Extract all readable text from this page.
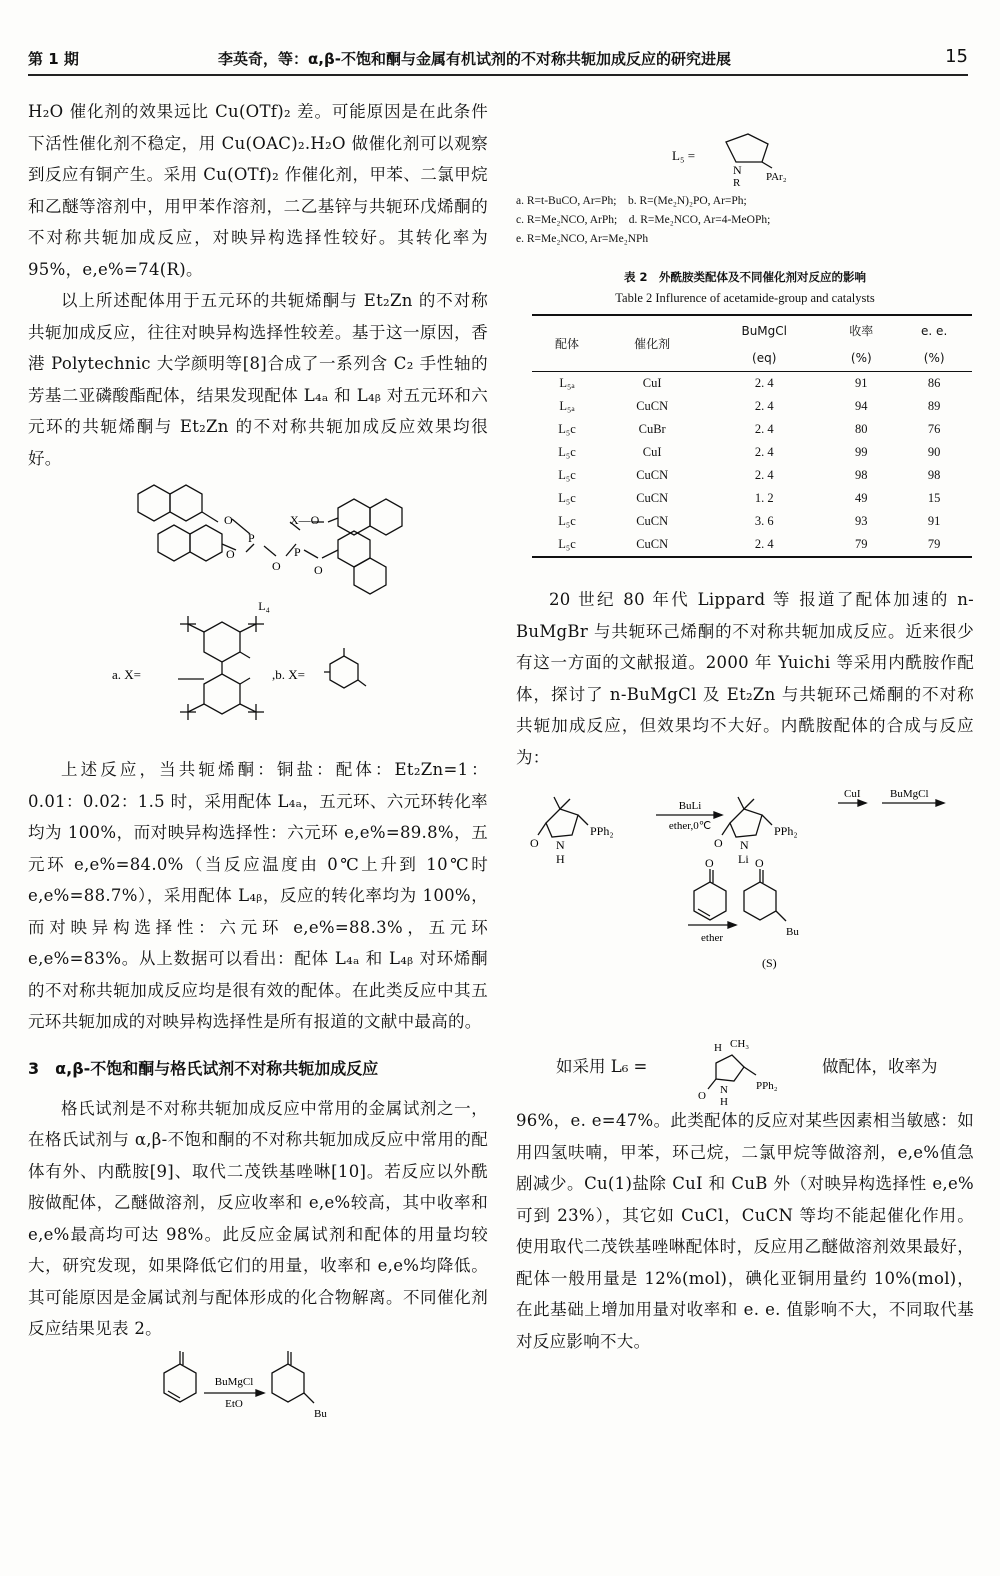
第 1 期	李英奇，等：α,β-不饱和酮与金属有机试剂的不对称共轭加成反应的研究进展	15

H₂O 催化剂的效果远比 Cu(OTf)₂ 差。可能原因是在此条件下活性催化剂不稳定，用 Cu(OAC)₂.H₂O 做催化剂可以观察到反应有铜产生。采用 Cu(OTf)₂ 作催化剂，甲苯、二氯甲烷和乙醚等溶剂中，用甲苯作溶剂，二乙基锌与共轭环戊烯酮的不对称共轭加成反应，对映异构选择性较好。其转化率为 95%，e,e%=74(R)。

以上所述配体用于五元环的共轭烯酮与 Et₂Zn 的不对称共轭加成反应，往往对映异构选择性较差。基于这一原因，香港 Polytechnic 大学颜明等[8]合成了一系列含 C₂ 手性轴的芳基二亚磷酸酯配体，结果发现配体 L₄ₐ 和 L₄ᵦ 对五元环和六元环的共轭烯酮与 Et₂Zn 的不对称共轭加成反应效果均很好。

O
O
P
O
X—O
P
O
L₄
a. X=	,b. X=

上述反应，当共轭烯酮：铜盐：配体：Et₂Zn=1：0.01：0.02：1.5 时，采用配体 L₄ₐ，五元环、六元环转化率均为 100%，而对映异构选择性：六元环 e,e%=89.8%，五元环 e,e%=84.0%（当反应温度由 0℃上升到 10℃时 e,e%=88.7%），采用配体 L₄ᵦ，反应的转化率均为 100%，而对映异构选择性：六元环 e,e%=88.3%，五元环 e,e%=83%。从上数据可以看出：配体 L₄ₐ 和 L₄ᵦ 对环烯酮的不对称共轭加成反应均是很有效的配体。在此类反应中其五元环共轭加成的对映异构选择性是所有报道的文献中最高的。

3　α,β-不饱和酮与格氏试剂不对称共轭加成反应

格氏试剂是不对称共轭加成反应中常用的金属试剂之一，在格氏试剂与 α,β-不饱和酮的不对称共轭加成反应中常用的配体有外、内酰胺[9]、取代二茂铁基唑啉[10]。若反应以外酰胺做配体，乙醚做溶剂，反应收率和 e,e%较高，其中收率和 e,e%最高均可达 98%。此反应金属试剂和配体的用量均较大，研究发现，如果降低它们的用量，收率和 e,e%均降低。其可能原因是金属试剂与配体形成的化合物解离。不同催化剂反应结果见表 2。

BuMgCl
EtO
Bu
L₅ =
N
R PAr₂
a. R=t-BuCO, Ar=Ph;　b. R=(Me₂N)₂PO, Ar=Ph;
c. R=Me₂NCO, ArPh;　d. R=Me₂NCO, Ar=4-MeOPh;
e. R=Me₂NCO, Ar=Me₂NPh
表 2　外酰胺类配体及不同催化剂对反应的影响
Table 2 Influrence of acetamide-group and catalysts
配体	催化剂	BuMgCl	收率	e. e.
		(eq)	(%)	(%)
L₅ₐ	CuI	2. 4	91	86
L₅ₐ	CuCN	2. 4	94	89
L₅c	CuBr	2. 4	80	76
L₅c	CuI	2. 4	99	90
L₅c	CuCN	2. 4	98	98
L₅c	CuCN	1. 2	49	15
L₅c	CuCN	3. 6	93	91
L₅c	CuCN	2. 4	79	79

20 世纪 80 年代 Lippard 等 报道了配体加速的 n-BuMgBr 与共轭环己烯酮的不对称共轭加成反应。近来很少有这一方面的文献报道。2000 年 Yuichi 等采用内酰胺作配体，探讨了 n-BuMgCl 及 Et₂Zn 与共轭环己烯酮的不对称共轭加成反应，但效果均不大好。内酰胺配体的合成与反应为：

BuLi
ether,0℃
CuI	BuMgCl
O N
H
PPh₂
O N
Li
PPh₂
O	O
ether	Bu
(S)
如采用 L₆ =
H CH₃
O N
H
PPh₂
做配体，收率为

96%，e. e=47%。此类配体的反应对某些因素相当敏感：如用四氢呋喃，甲苯，环己烷，二氯甲烷等做溶剂，e,e%值急剧减少。Cu(1)盐除 CuI 和 CuB 外（对映异构选择性 e,e%可到 23%），其它如 CuCl，CuCN 等均不能起催化作用。使用取代二茂铁基唑啉配体时，反应用乙醚做溶剂效果最好，配体一般用量是 12%(mol)，碘化亚铜用量约 10%(mol)，在此基础上增加用量对收率和 e. e. 值影响不大，不同取代基对反应影响不大。
